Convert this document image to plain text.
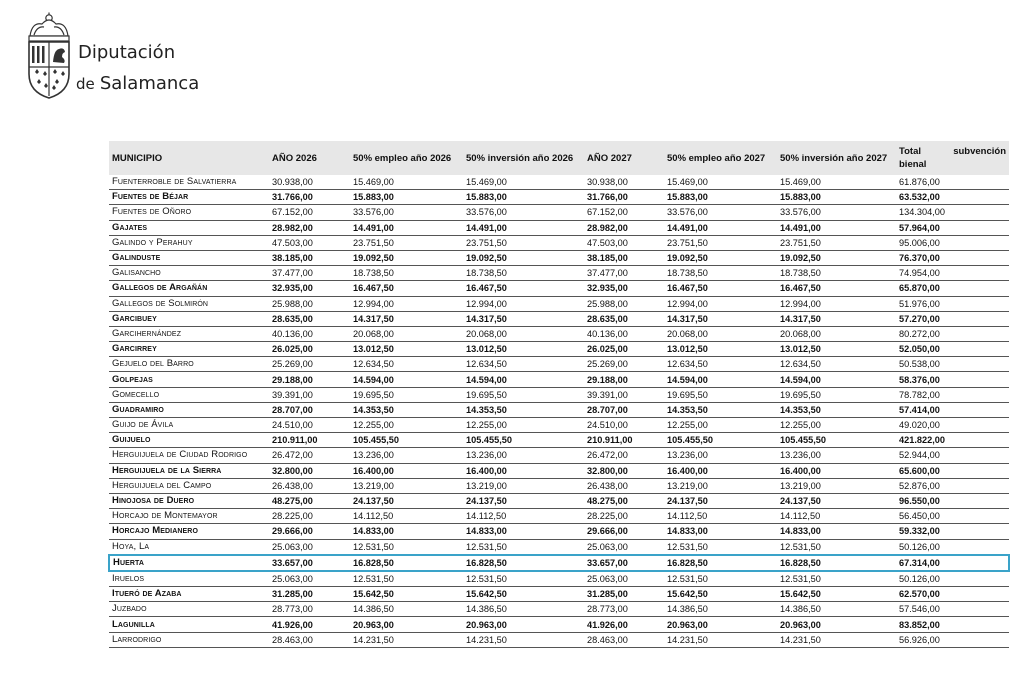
Diputación
de Salamanca
MUNICIPIO	AÑO 2026	50% empleo año 2026	50% inversión año 2026	AÑO 2027	50% empleo año 2027	50% inversión año 2027	Total subvención bienal
Fuenterroble de Salvatierra	30.938,00	15.469,00	15.469,00	30.938,00	15.469,00	15.469,00	61.876,00
Fuentes de Béjar	31.766,00	15.883,00	15.883,00	31.766,00	15.883,00	15.883,00	63.532,00
Fuentes de Oñoro	67.152,00	33.576,00	33.576,00	67.152,00	33.576,00	33.576,00	134.304,00
Gajates	28.982,00	14.491,00	14.491,00	28.982,00	14.491,00	14.491,00	57.964,00
Galindo y Perahuy	47.503,00	23.751,50	23.751,50	47.503,00	23.751,50	23.751,50	95.006,00
Galinduste	38.185,00	19.092,50	19.092,50	38.185,00	19.092,50	19.092,50	76.370,00
Galisancho	37.477,00	18.738,50	18.738,50	37.477,00	18.738,50	18.738,50	74.954,00
Gallegos de Argañán	32.935,00	16.467,50	16.467,50	32.935,00	16.467,50	16.467,50	65.870,00
Gallegos de Solmirón	25.988,00	12.994,00	12.994,00	25.988,00	12.994,00	12.994,00	51.976,00
Garcibuey	28.635,00	14.317,50	14.317,50	28.635,00	14.317,50	14.317,50	57.270,00
Garcihernández	40.136,00	20.068,00	20.068,00	40.136,00	20.068,00	20.068,00	80.272,00
Garcirrey	26.025,00	13.012,50	13.012,50	26.025,00	13.012,50	13.012,50	52.050,00
Gejuelo del Barro	25.269,00	12.634,50	12.634,50	25.269,00	12.634,50	12.634,50	50.538,00
Golpejas	29.188,00	14.594,00	14.594,00	29.188,00	14.594,00	14.594,00	58.376,00
Gomecello	39.391,00	19.695,50	19.695,50	39.391,00	19.695,50	19.695,50	78.782,00
Guadramiro	28.707,00	14.353,50	14.353,50	28.707,00	14.353,50	14.353,50	57.414,00
Guijo de Ávila	24.510,00	12.255,00	12.255,00	24.510,00	12.255,00	12.255,00	49.020,00
Guijuelo	210.911,00	105.455,50	105.455,50	210.911,00	105.455,50	105.455,50	421.822,00
Herguijuela de Ciudad Rodrigo	26.472,00	13.236,00	13.236,00	26.472,00	13.236,00	13.236,00	52.944,00
Herguijuela de la Sierra	32.800,00	16.400,00	16.400,00	32.800,00	16.400,00	16.400,00	65.600,00
Herguijuela del Campo	26.438,00	13.219,00	13.219,00	26.438,00	13.219,00	13.219,00	52.876,00
Hinojosa de Duero	48.275,00	24.137,50	24.137,50	48.275,00	24.137,50	24.137,50	96.550,00
Horcajo de Montemayor	28.225,00	14.112,50	14.112,50	28.225,00	14.112,50	14.112,50	56.450,00
Horcajo Medianero	29.666,00	14.833,00	14.833,00	29.666,00	14.833,00	14.833,00	59.332,00
Hoya, La	25.063,00	12.531,50	12.531,50	25.063,00	12.531,50	12.531,50	50.126,00
Huerta	33.657,00	16.828,50	16.828,50	33.657,00	16.828,50	16.828,50	67.314,00
Iruelos	25.063,00	12.531,50	12.531,50	25.063,00	12.531,50	12.531,50	50.126,00
Itueró de Azaba	31.285,00	15.642,50	15.642,50	31.285,00	15.642,50	15.642,50	62.570,00
Juzbado	28.773,00	14.386,50	14.386,50	28.773,00	14.386,50	14.386,50	57.546,00
Lagunilla	41.926,00	20.963,00	20.963,00	41.926,00	20.963,00	20.963,00	83.852,00
Larrodrigo	28.463,00	14.231,50	14.231,50	28.463,00	14.231,50	14.231,50	56.926,00
